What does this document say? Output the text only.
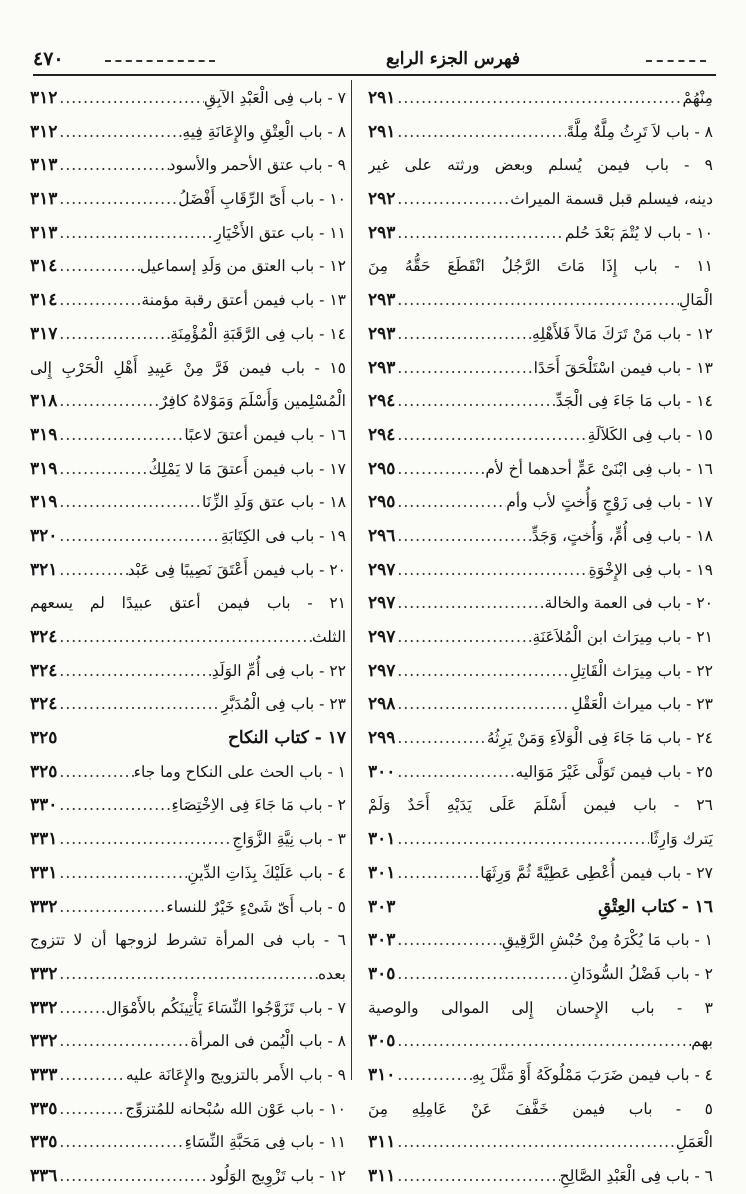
فهرس الجزء الرابع
٤٧٠
مِنْهُمْ
٢٩١
.....
٨ - باب لاَ تَرِثُ مِلَّةٌ مِلَّةً
٢٩١
.....
٩ - باب فيمن يُسلم وبعض ورثته على غير
دينه، فيسلم قبل قسمة الميراث
٢٩٢
.....
١٠ - باب لا يُتْمَ بَعْدَ حُلم
٢٩٣
.....
١١ - باب إِذَا مَاتَ الرَّجُلُ انْقَطَعَ حَقُّهُ مِنَ
الْمَالِ
٢٩٣
.....
١٢ - باب مَنْ تَرَكَ مَالاً فَلأَهْلِهِ
٢٩٣
.....
١٣ - باب فيمن اسْتَلْحَقَ أَحَدًا
٢٩٣
.....
١٤ - باب مَا جَاءَ فِى الْجَدِّ
٢٩٤
.....
١٥ - باب فِى الكَلاَلَةِ
٢٩٤
.....
١٦ - باب فِى ابْنَىْ عَمٍّ أحدهما أخ لأم
٢٩٥
.....
١٧ - باب فِى زَوْجٍ وَأُختٍ لأب وأم
٢٩٥
.....
١٨ - باب فِى أُمٍّ، وَأُختٍ، وَجَدٍّ
٢٩٦
.....
١٩ - باب فِى الإِخْوَةِ
٢٩٧
.....
٢٠ - باب فى العمة والخالة
٢٩٧
.....
٢١ - باب مِيرَاث ابن الْمُلاَعَنَةِ
٢٩٧
.....
٢٢ - باب مِيرَاث الْقَاتِلِ
٢٩٧
.....
٢٣ - باب ميراث الْعَقْلِ
٢٩٨
.....
٢٤ - باب مَا جَاءَ فِى الْوَلاَءِ وَمَنْ يَرِثُهُ
٢٩٩
.....
٢٥ - باب فيمن تَوَلَّى غَيْرَ مَوَاليه
٣٠٠
.....
٢٦ - باب فيمن أَسْلَمَ عَلَى يَدَيْهِ أَحَدٌ وَلَمْ
يَترك وَارِثًا
٣٠١
.....
٢٧ - باب فيمن أُعْطِى عَطِيَّةً ثُمَّ وَرِثَهَا
٣٠١
.....
١٦ - كتاب العِتْقِ
٣٠٣
١ - باب مَا يُكْرَهُ مِنْ حُبْشِ الرَّقِيقِ
٣٠٣
.....
٢ - باب فَضْلُ السُّودَانِ
٣٠٥
.....
٣ - باب الإِحسان إِلى الموالى والوصية
بهم
٣٠٥
.....
٤ - باب فيمن ضَرَبَ مَمْلُوكَهُ أَوْ مَثَّلَ بِهِ
٣١٠
.....
٥ - باب فيمن خَفَّفَ عَنْ عَامِلِهِ مِنَ
الْعَمَلِ
٣١١
.....
٦ - باب فِى الْعَبْدِ الصَّالِحِ
٣١١
.....
٧ - باب فِى الْعَبْدِ الآبِقِ
٣١٢
.....
٨ - باب الْعِتْقِ والإِعَانَةِ فِيهِ
٣١٢
.....
٩ - باب عتق الأحمر والأسود
٣١٣
.....
١٠ - باب أَىّ الرِّقَابِ أَفْضَلُ
٣١٣
.....
١١ - باب عتق الأَخْيَارِ
٣١٣
.....
١٢ - باب العتق من وَلَدِ إسماعيل
٣١٤
.....
١٣ - باب فيمن أعتق رقبة مؤمنة
٣١٤
.....
١٤ - باب فِى الرَّقَبَةِ الْمُؤْمِنَةِ
٣١٧
.....
١٥ - باب فيمن فَرَّ مِنْ عَبِيدِ أَهْلِ الْحَرْبِ إِلى
الْمُسْلِمين وَأَسْلَمَ وَمَوْلاهُ كافِرٌ
٣١٨
.....
١٦ - باب فيمن أعتقَ لاعبًا
٣١٩
.....
١٧ - باب فيمن أَعتقَ مَا لا يَمْلِكُ
٣١٩
.....
١٨ - باب عتق وَلَدِ الزِّنَا
٣١٩
.....
١٩ - باب فى الكِتَابَةِ
٣٢٠
.....
٢٠ - باب فيمن أَعْتَقَ نَصِيبًا فِى عَبْد
٣٢١
.....
٢١ - باب فيمن أعتق عبيدًا لم يسعهم
الثلث
٣٢٤
.....
٢٢ - باب فِى أُمِّ الوَلَدِ
٣٢٤
.....
٢٣ - باب فِى الْمُدَبَّرِ
٣٢٤
.....
١٧ - كتاب النكاح
٣٢٥
١ - باب الحث على النكاح وما جاء
٣٢٥
.....
٢ - باب مَا جَاءَ فِى الاِخْتِصَاءِ
٣٣٠
.....
٣ - باب نِيَّةِ الزَّوَاجِ
٣٣١
.....
٤ - باب عَلَيْكَ بِذَاتِ الدِّينِ
٣٣١
.....
٥ - باب أَىّ شَىْءٍ خَيْرٌ للنساء
٣٣٢
.....
٦ - باب فى المرأة تشرط لزوجها أن لا تتزوج
بعده
٣٣٢
.....
٧ - باب تَزَوَّجُوا النِّسَاءَ يَأْتِينَكُم بالأَمْوَال
٣٣٢
.....
٨ - باب الْيُمن فى المرأة
٣٣٢
.....
٩ - باب الأَمر بالتزويج والإِعَانَة عليه
٣٣٣
.....
١٠ - باب عَوْن الله سُبْحانه للمُتزوِّج
٣٣٥
.....
١١ - باب فِى مَحَبَّةِ النِّسَاءِ
٣٣٥
.....
١٢ - باب تَزْوِيج الوَلُود
٣٣٦
.....
